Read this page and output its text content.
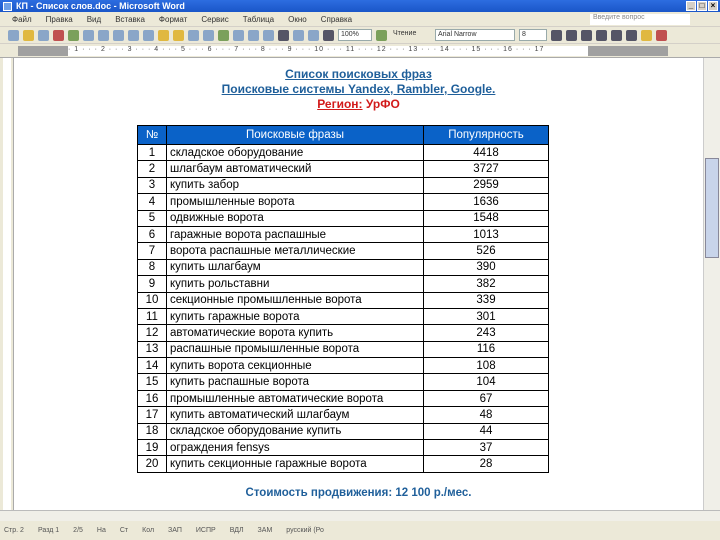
КП - Список слов.doc - Microsoft Word	_ □ ×
Файл Правка Вид Вставка Формат Сервис Таблица Окно Справка	Введите вопрос
100%	Чтение	Arial Narrow	8
· 1 · · · 2 · · · 3 · · · 4 · · · 5 · · · 6 · · · 7 · · · 8 · · · 9 · · · 10 · · · 11 · · · 12 · · · 13 · · · 14 · · · 15 · · · 16 · · · 17
Список поисковых фраз
Поисковые системы Yandex, Rambler, Google.
Регион: УрФО
№	Поисковые фразы	Популярность
1	складское оборудование	4418
2	шлагбаум автоматический	3727
3	купить забор	2959
4	промышленные ворота	1636
5	одвижные ворота	1548
6	гаражные ворота распашные	1013
7	ворота распашные металлические	526
8	купить шлагбаум	390
9	купить рольставни	382
10	секционные промышленные ворота	339
11	купить гаражные ворота	301
12	автоматические ворота купить	243
13	распашные промышленные ворота	116
14	купить ворота секционные	108
15	купить распашные ворота	104
16	промышленные автоматические ворота	67
17	купить автоматический шлагбаум	48
18	складское оборудование купить	44
19	ограждения fensys	37
20	купить секционные гаражные ворота	28
Стоимость продвижения: 12 100 р./мес.
Стр. 2 Разд 1 2/5 На Ст Кол ЗАП ИСПР ВДЛ ЗАМ русский (Ро
